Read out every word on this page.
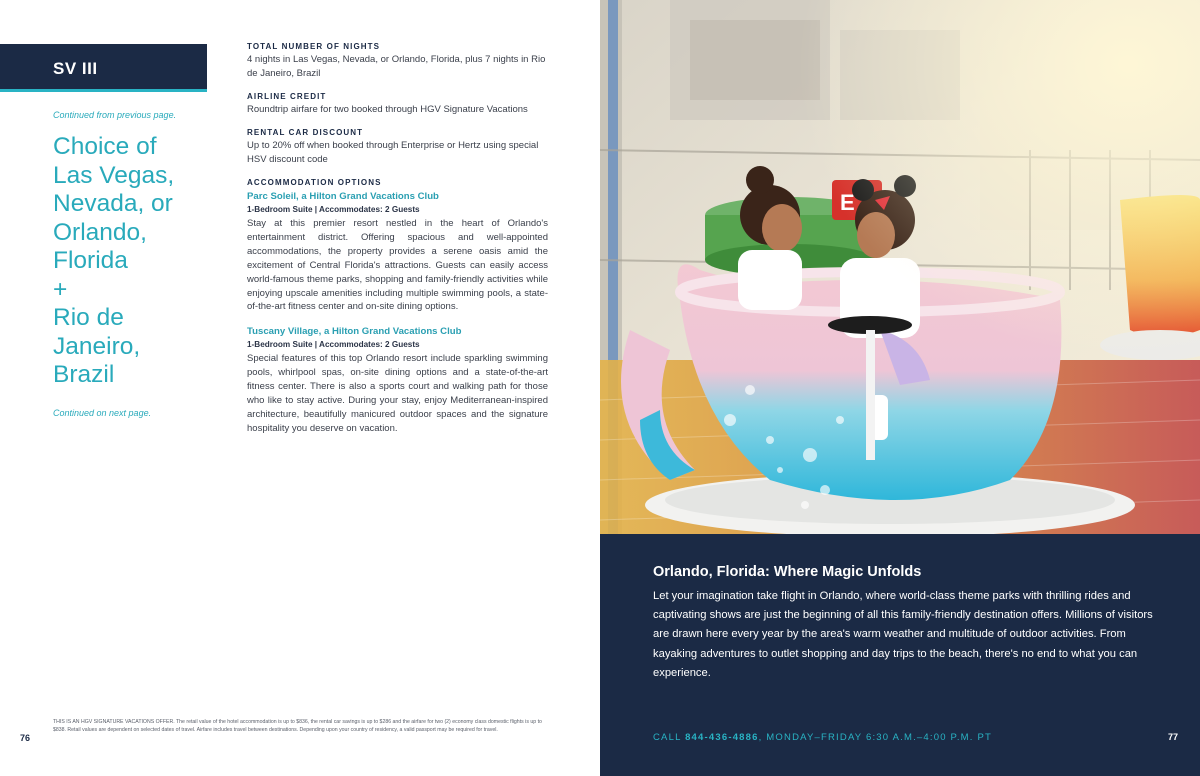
SV III
Continued from previous page.
Choice of
Las Vegas,
Nevada, or
Orlando,
Florida
+
Rio de
Janeiro,
Brazil
Continued on next page.
TOTAL NUMBER OF NIGHTS
4 nights in Las Vegas, Nevada, or Orlando, Florida, plus 7 nights in Rio de Janeiro, Brazil
AIRLINE CREDIT
Roundtrip airfare for two booked through HGV Signature Vacations
RENTAL CAR DISCOUNT
Up to 20% off when booked through Enterprise or Hertz using special HSV discount code
ACCOMMODATION OPTIONS
Parc Soleil, a Hilton Grand Vacations Club
1-Bedroom Suite | Accommodates: 2 Guests
Stay at this premier resort nestled in the heart of Orlando's entertainment district. Offering spacious and well-appointed accommodations, the property provides a serene oasis amid the excitement of Central Florida's attractions. Guests can easily access world-famous theme parks, shopping and family-friendly activities while enjoying upscale amenities including multiple swimming pools, a state-of-the-art fitness center and on-site dining options.
Tuscany Village, a Hilton Grand Vacations Club
1-Bedroom Suite | Accommodates: 2 Guests
Special features of this top Orlando resort include sparkling swimming pools, whirlpool spas, on-site dining options and a state-of-the-art fitness center. There is also a sports court and walking path for those who like to stay active. During your stay, enjoy Mediterranean-inspired architecture, beautifully manicured outdoor spaces and the signature hospitality you deserve on vacation.
76
THIS IS AN HGV SIGNATURE VACATIONS OFFER. The retail value of the hotel accommodation is up to $836, the rental car savings is up to $286 and the airfare for two (2) economy class domestic flights is up to $838. Retail values are dependent on selected dates of travel. Airfare includes travel between destinations. Depending upon your country of residency, a valid passport may be required for travel.
Orlando, Florida: Where Magic Unfolds
Let your imagination take flight in Orlando, where world-class theme parks with thrilling rides and captivating shows are just the beginning of all this family-friendly destination offers. Millions of visitors are drawn here every year by the area's warm weather and multitude of outdoor activities. From kayaking adventures to outlet shopping and day trips to the beach, there's no end to what you can experience.
CALL 844-436-4886, MONDAY–FRIDAY 6:30 A.M.–4:00 P.M. PT	77
